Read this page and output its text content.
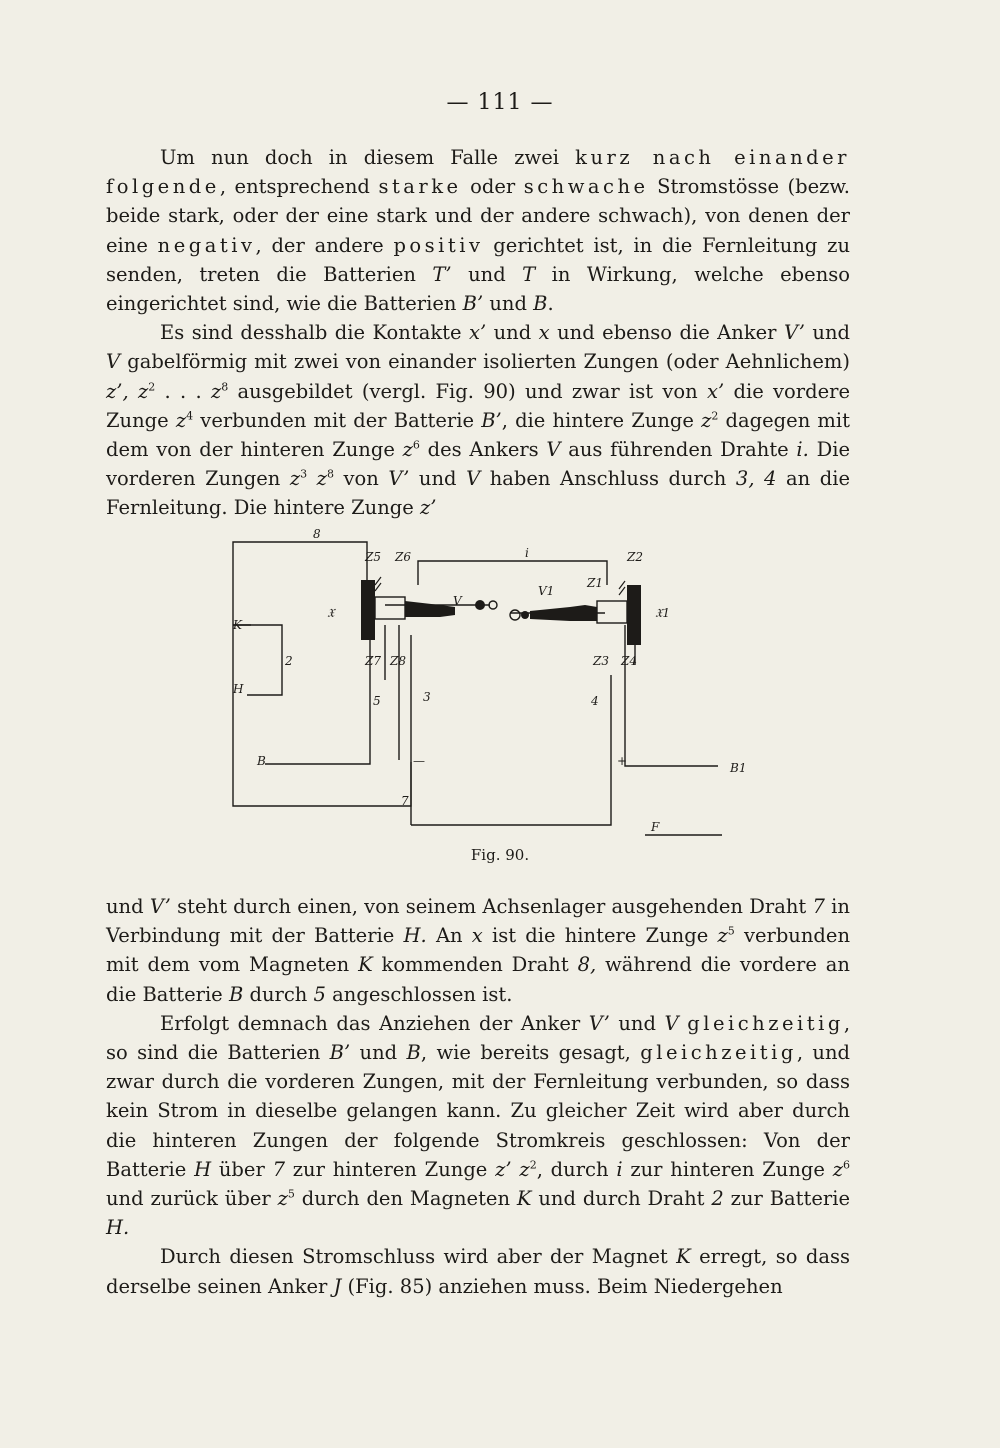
— 111 —

Um nun doch in diesem Falle zwei kurz nach einander folgende, entsprechend starke oder schwache Stromstösse (bezw. beide stark, oder der eine stark und der andere schwach), von denen der eine negativ, der andere positiv gerichtet ist, in die Fernleitung zu senden, treten die Batterien T’ und T in Wirkung, welche ebenso eingerichtet sind, wie die Batterien B’ und B.

Es sind desshalb die Kontakte x’ und x und ebenso die Anker V’ und V gabelförmig mit zwei von einander isolierten Zungen (oder Aehnlichem) z’, $z^2$ . . . $z^8$ ausgebildet (vergl. Fig. 90) und zwar ist von x’ die vordere Zunge $z^4$ verbunden mit der Batterie B’, die hintere Zunge $z^2$ dagegen mit dem von der hinteren Zunge $z^6$ des Ankers V aus führenden Drahte i. Die vorderen Zungen $z^3$ $z^8$ von V’ und V haben Anschluss durch 3, 4 an die Fernleitung. Die hintere Zunge z’

8
Z5 Z6	i	Z2
Z1
V
V1
𝔛	𝔛1
K
Z7 Z8	Z3 Z4
2
H
5	3	4
B	—	+	B1
7
F
Fig. 90.

und V’ steht durch einen, von seinem Achsenlager ausgehenden Draht 7 in Verbindung mit der Batterie H. An x ist die hintere Zunge $z^5$ verbunden mit dem vom Magneten K kommenden Draht 8, während die vordere an die Batterie B durch 5 angeschlossen ist.

Erfolgt demnach das Anziehen der Anker V’ und V gleichzeitig, so sind die Batterien B’ und B, wie bereits gesagt, gleichzeitig, und zwar durch die vorderen Zungen, mit der Fernleitung verbunden, so dass kein Strom in dieselbe gelangen kann. Zu gleicher Zeit wird aber durch die hinteren Zungen der folgende Stromkreis geschlossen: Von der Batterie H über 7 zur hinteren Zunge z’ $z^2$, durch i zur hinteren Zunge $z^6$ und zurück über $z^5$ durch den Magneten K und durch Draht 2 zur Batterie H.

Durch diesen Stromschluss wird aber der Magnet K erregt, so dass derselbe seinen Anker J (Fig. 85) anziehen muss. Beim Niedergehen
